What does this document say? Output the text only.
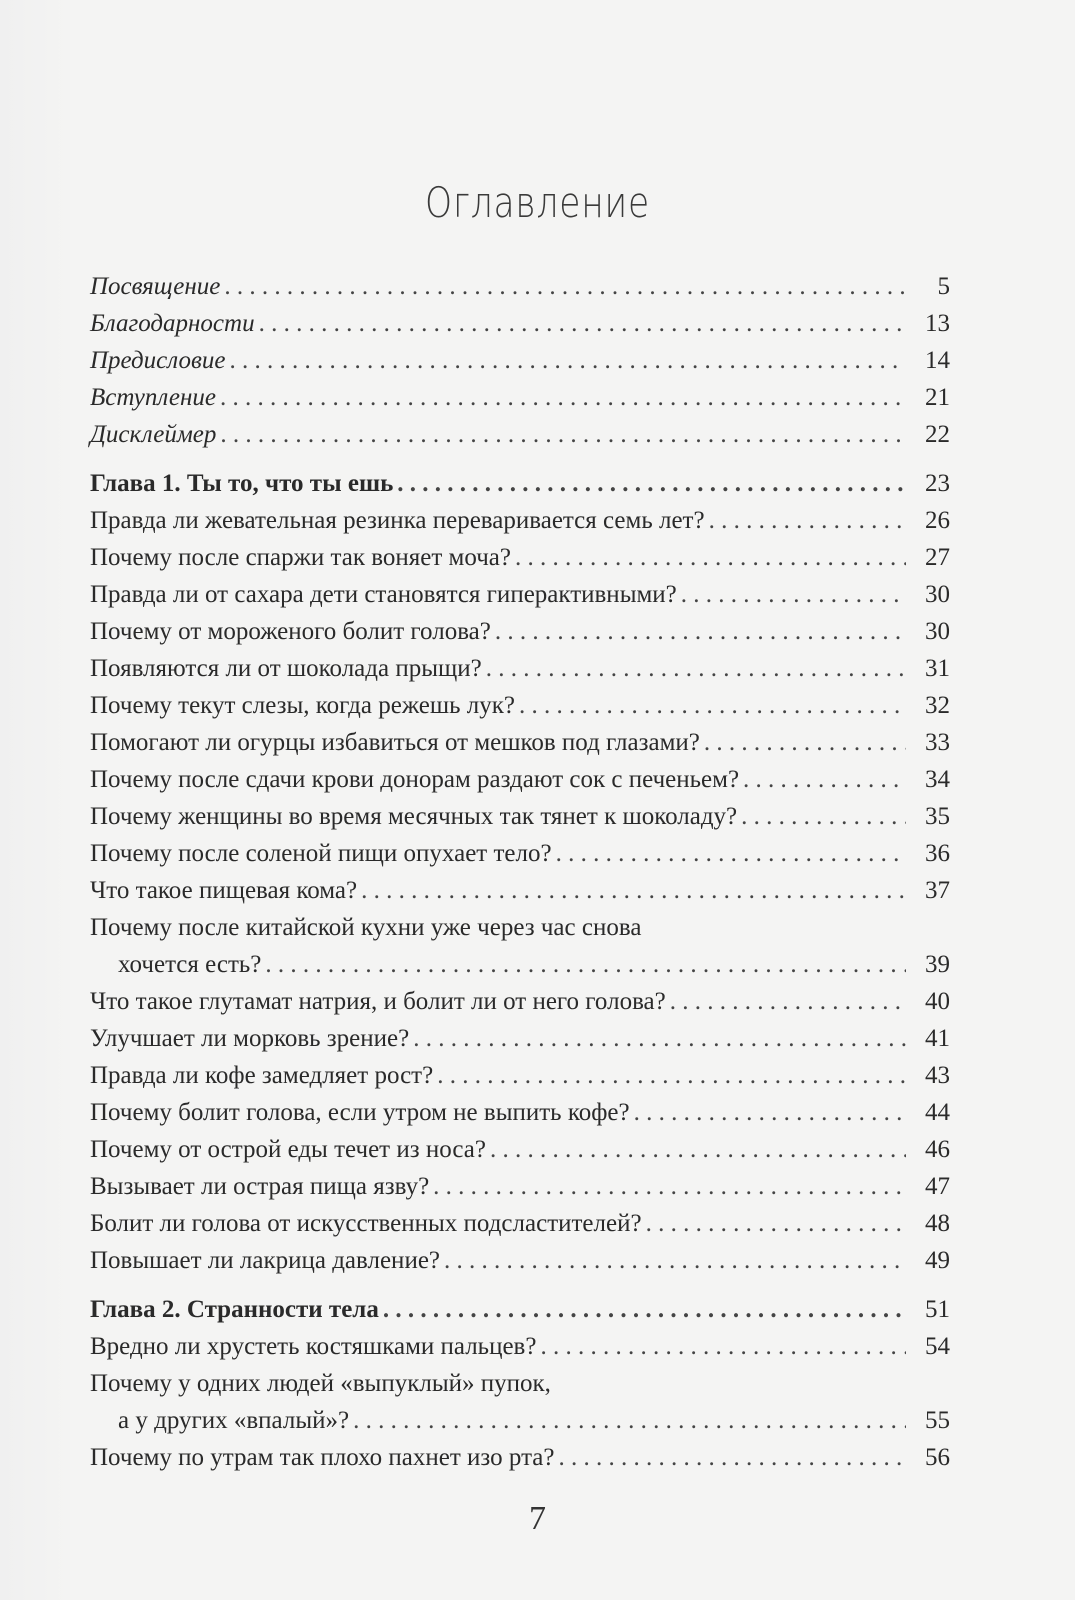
Оглавление
Посвящение . . .	5
Благодарности . . .	13
Предисловие . . .	14
Вступление . . .	21
Дисклеймер . . .	22
Глава 1. Ты то, что ты ешь . . .	23
Правда ли жевательная резинка переваривается семь лет? . . .	26
Почему после спаржи так воняет моча? . . .	27
Правда ли от сахара дети становятся гиперактивными? . . .	30
Почему от мороженого болит голова? . . .	30
Появляются ли от шоколада прыщи? . . .	31
Почему текут слезы, когда режешь лук? . . .	32
Помогают ли огурцы избавиться от мешков под глазами? . . .	33
Почему после сдачи крови донорам раздают сок с печеньем? . . .	34
Почему женщины во время месячных так тянет к шоколаду? . . .	35
Почему после соленой пищи опухает тело? . . .	36
Что такое пищевая кома? . . .	37
Почему после китайской кухни уже через час снова
хочется есть? . . .	39
Что такое глутамат натрия, и болит ли от него голова? . . .	40
Улучшает ли морковь зрение? . . .	41
Правда ли кофе замедляет рост? . . .	43
Почему болит голова, если утром не выпить кофе? . . .	44
Почему от острой еды течет из носа? . . .	46
Вызывает ли острая пища язву? . . .	47
Болит ли голова от искусственных подсластителей? . . .	48
Повышает ли лакрица давление? . . .	49
Глава 2. Странности тела . . .	51
Вредно ли хрустеть костяшками пальцев? . . .	54
Почему у одних людей «выпуклый» пупок,
а у других «впалый»? . . .	55
Почему по утрам так плохо пахнет изо рта? . . .	56
7
